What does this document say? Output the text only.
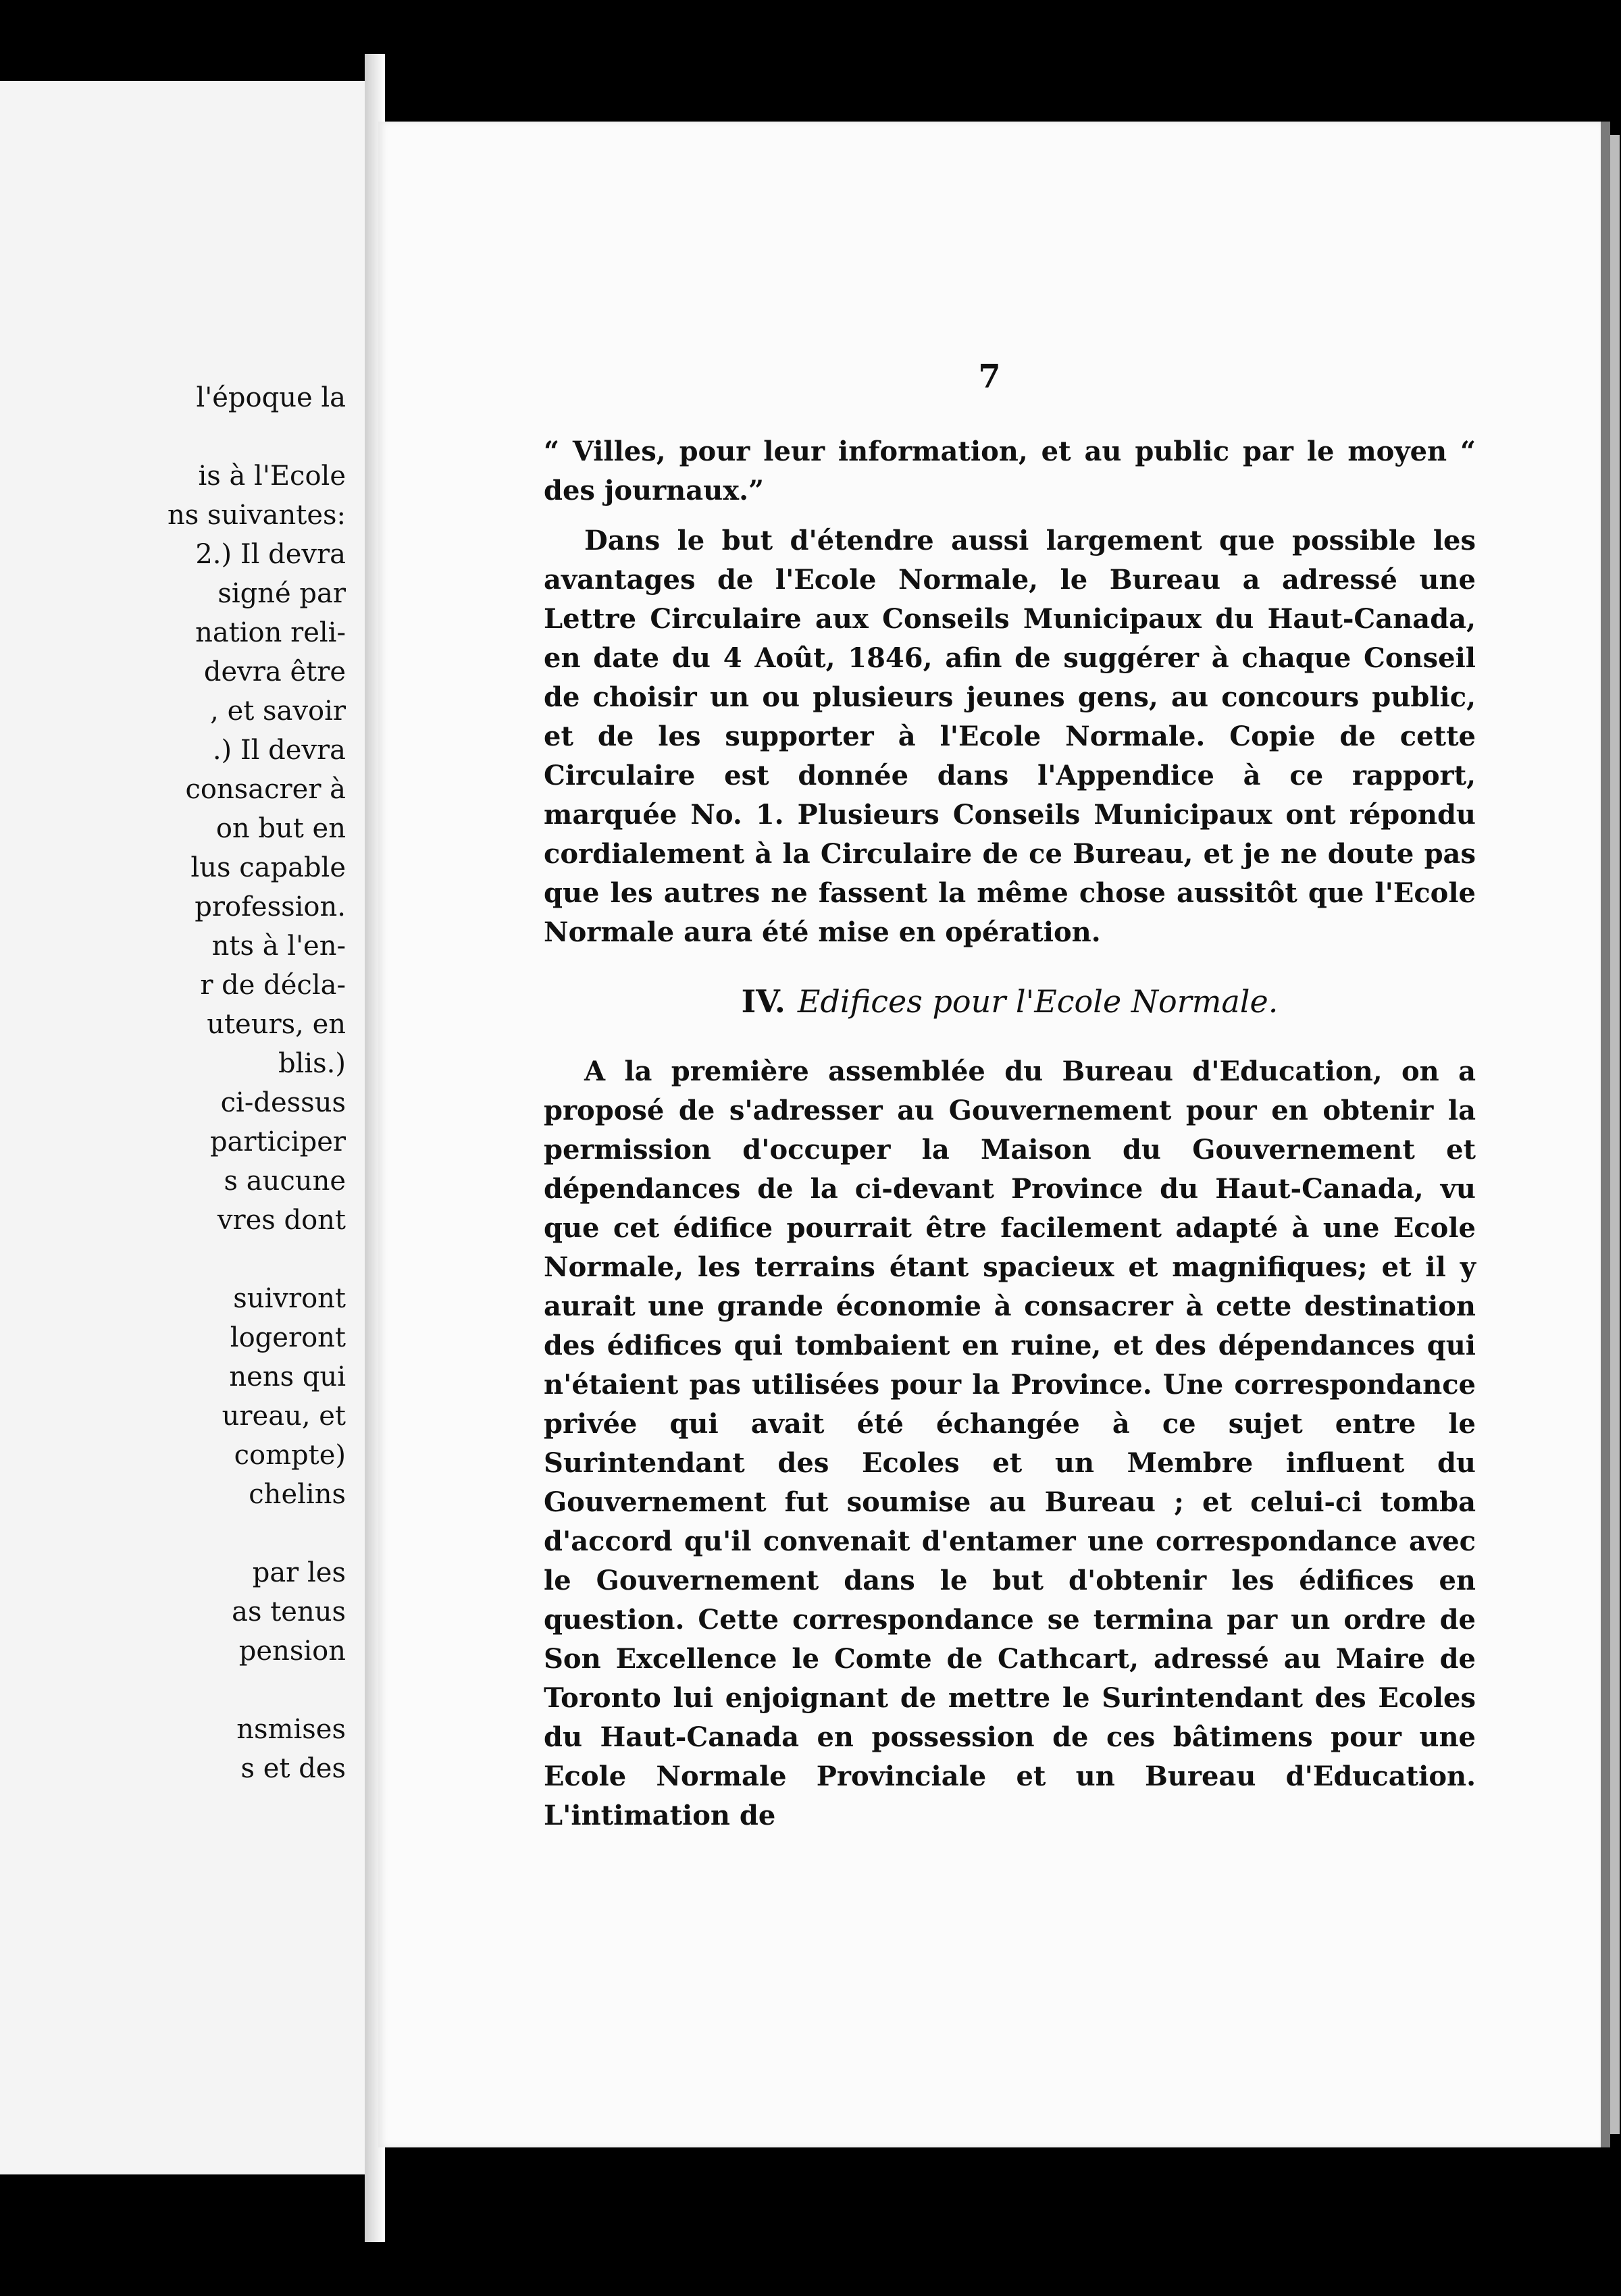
l'époque la
is à l'Ecole
ns suivantes:
2.) Il devra
signé par
nation reli-
devra être
, et savoir
.) Il devra
consacrer à
on but en
lus capable
profession.
nts à l'en-
r de décla-
uteurs, en
blis.)
ci-dessus
participer
s aucune
vres dont
suivront
logeront
nens qui
ureau, et
compte)
chelins
par les
as tenus
pension
nsmises
s et des
7

“ Villes, pour leur information, et au public par le moyen “ des journaux.”

Dans le but d'étendre aussi largement que possible les avantages de l'Ecole Normale, le Bureau a adressé une Lettre Circulaire aux Conseils Municipaux du Haut-Canada, en date du 4 Août, 1846, afin de suggérer à chaque Conseil de choisir un ou plusieurs jeunes gens, au concours public, et de les supporter à l'Ecole Normale. Copie de cette Circulaire est donnée dans l'Appendice à ce rapport, marquée No. 1. Plusieurs Conseils Municipaux ont répondu cordialement à la Circulaire de ce Bureau, et je ne doute pas que les autres ne fassent la même chose aussitôt que l'Ecole Normale aura été mise en opération.

IV. Edifices pour l'Ecole Normale.

A la première assemblée du Bureau d'Education, on a proposé de s'adresser au Gouvernement pour en obtenir la permission d'occuper la Maison du Gouvernement et dépendances de la ci-devant Province du Haut-Canada, vu que cet édifice pourrait être facilement adapté à une Ecole Normale, les terrains étant spacieux et magnifiques; et il y aurait une grande économie à consacrer à cette destination des édifices qui tombaient en ruine, et des dépendances qui n'étaient pas utilisées pour la Province. Une correspondance privée qui avait été échangée à ce sujet entre le Surintendant des Ecoles et un Membre influent du Gouvernement fut soumise au Bureau ; et celui-ci tomba d'accord qu'il convenait d'entamer une correspondance avec le Gouvernement dans le but d'obtenir les édifices en question. Cette correspondance se termina par un ordre de Son Excellence le Comte de Cathcart, adressé au Maire de Toronto lui enjoignant de mettre le Surintendant des Ecoles du Haut-Canada en possession de ces bâtimens pour une Ecole Normale Provinciale et un Bureau d'Education. L'intimation de
